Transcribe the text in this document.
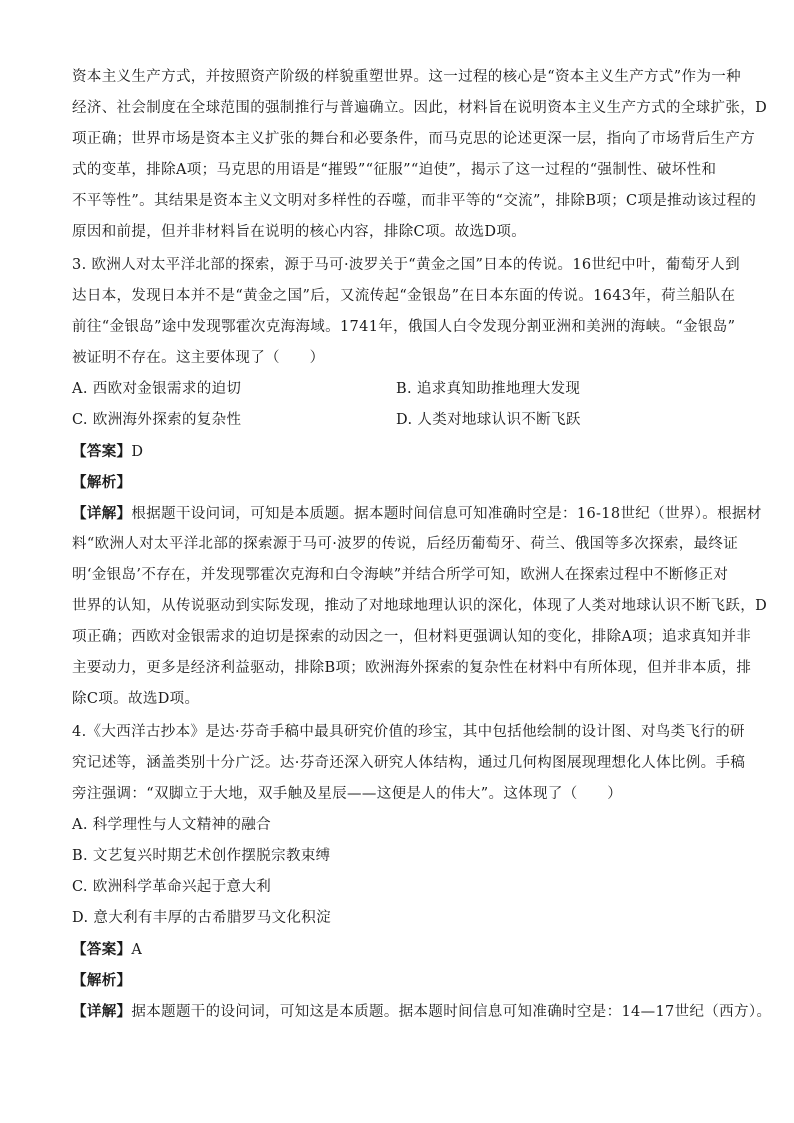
资本主义生产方式，并按照资产阶级的样貌重塑世界。这一过程的核心是“资本主义生产方式”作为一种
经济、社会制度在全球范围的强制推行与普遍确立。因此，材料旨在说明资本主义生产方式的全球扩张，D
项正确；世界市场是资本主义扩张的舞台和必要条件，而马克思的论述更深一层，指向了市场背后生产方
式的变革，排除A项；马克思的用语是“摧毁”“征服”“迫使”，揭示了这一过程的“强制性、破坏性和
不平等性”。其结果是资本主义文明对多样性的吞噬，而非平等的“交流”，排除B项；C项是推动该过程的
原因和前提，但并非材料旨在说明的核心内容，排除C项。故选D项。
3. 欧洲人对太平洋北部的探索，源于马可·波罗关于“黄金之国”日本的传说。16世纪中叶，葡萄牙人到
达日本，发现日本并不是“黄金之国”后，又流传起“金银岛”在日本东面的传说。1643年，荷兰船队在
前往“金银岛”途中发现鄂霍次克海海域。1741年，俄国人白令发现分割亚洲和美洲的海峡。“金银岛”
被证明不存在。这主要体现了（　　）
A. 西欧对金银需求的迫切	B. 追求真知助推地理大发现
C. 欧洲海外探索的复杂性	D. 人类对地球认识不断飞跃
【答案】D
【解析】
【详解】根据题干设问词，可知是本质题。据本题时间信息可知准确时空是：16-18世纪（世界）。根据材
料“欧洲人对太平洋北部的探索源于马可·波罗的传说，后经历葡萄牙、荷兰、俄国等多次探索，最终证
明‘金银岛’不存在，并发现鄂霍次克海和白令海峡”并结合所学可知，欧洲人在探索过程中不断修正对
世界的认知，从传说驱动到实际发现，推动了对地球地理认识的深化，体现了人类对地球认识不断飞跃，D
项正确；西欧对金银需求的迫切是探索的动因之一，但材料更强调认知的变化，排除A项；追求真知并非
主要动力，更多是经济利益驱动，排除B项；欧洲海外探索的复杂性在材料中有所体现，但并非本质，排
除C项。故选D项。
4.《大西洋古抄本》是达·芬奇手稿中最具研究价值的珍宝，其中包括他绘制的设计图、对鸟类飞行的研
究记述等，涵盖类别十分广泛。达·芬奇还深入研究人体结构，通过几何构图展现理想化人体比例。手稿
旁注强调：“双脚立于大地，双手触及星辰——这便是人的伟大”。这体现了（　　）
A. 科学理性与人文精神的融合
B. 文艺复兴时期艺术创作摆脱宗教束缚
C. 欧洲科学革命兴起于意大利
D. 意大利有丰厚的古希腊罗马文化积淀
【答案】A
【解析】
【详解】据本题题干的设问词，可知这是本质题。据本题时间信息可知准确时空是：14—17世纪（西方）。
